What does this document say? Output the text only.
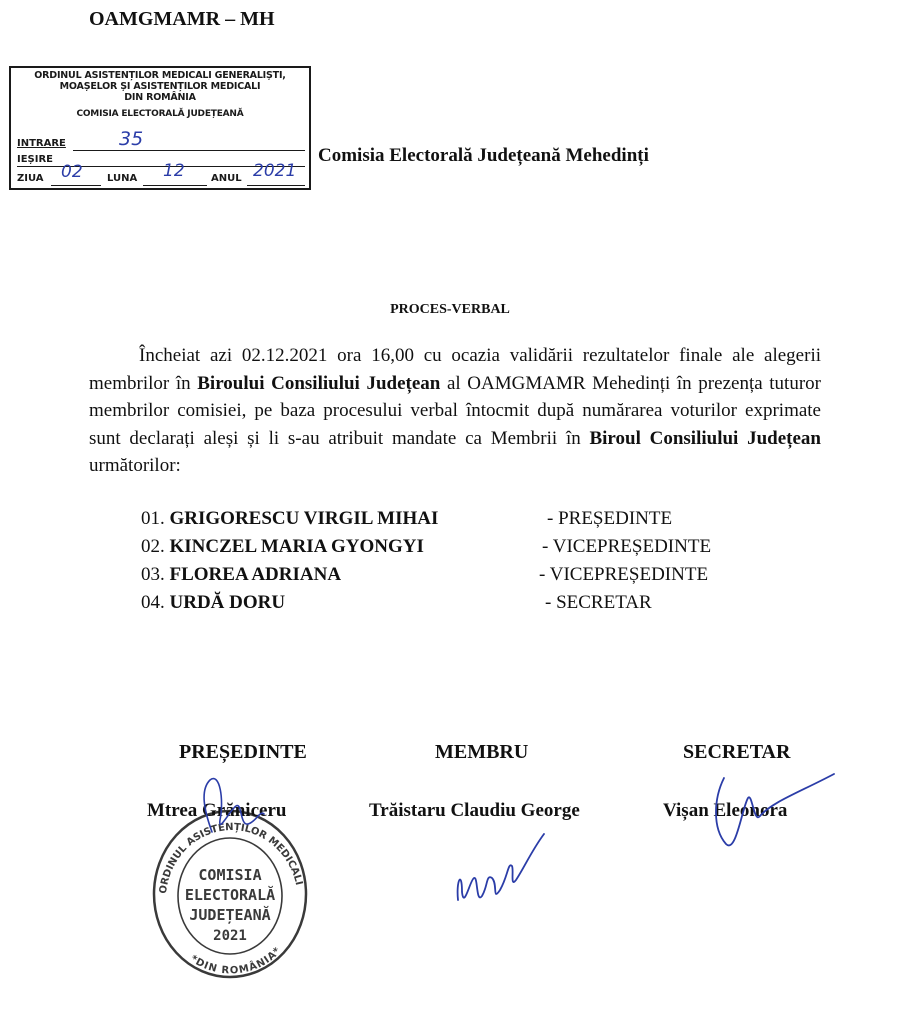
OAMGMAMR – MH
ORDINUL ASISTENȚILOR MEDICALI GENERALIȘTI,
MOAȘELOR ȘI ASISTENȚILOR MEDICALI
DIN ROMÂNIA
COMISIA ELECTORALĂ JUDEȚEANĂ
INTRARE	35
IEȘIRE
ZIUA 02 LUNA 12	ANUL 2021
Comisia Electorală Județeană Mehedinți
PROCES-VERBAL

Încheiat azi 02.12.2021 ora 16,00 cu ocazia validării rezultatelor finale ale alegerii membrilor în Biroului Consiliului Județean al OAMGMAMR Mehedinți în prezența tuturor membrilor comisiei, pe baza procesului verbal întocmit după numărarea voturilor exprimate sunt declarați aleși și li s-au atribuit mandate ca Membrii în Biroul Consiliului Județean următorilor:

01. GRIGORESCU VIRGIL MIHAI	- PREȘEDINTE
02. KINCZEL MARIA GYONGYI	- VICEPREȘEDINTE
03. FLOREA ADRIANA	- VICEPREȘEDINTE
04. URDĂ DORU	- SECRETAR
ORDINUL ASISTENȚILOR MEDICALI GENERALIȘTI,
*DIN ROMÂNIA*
COMISIA
ELECTORALĂ
JUDEȚEANĂ
2021
PREȘEDINTE	MEMBRU	SECRETAR
Mtrea Grăniceru	Trăistaru Claudiu George	Vișan Eleonora
